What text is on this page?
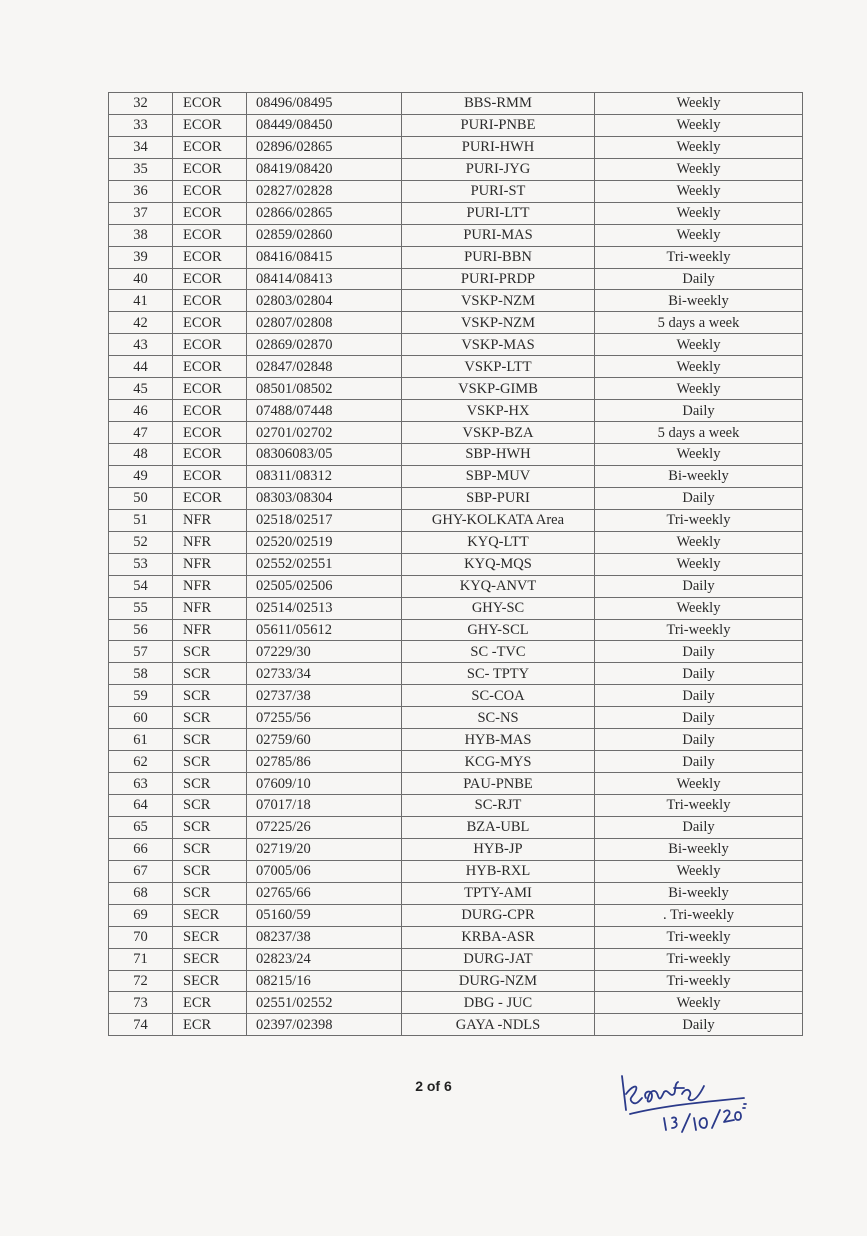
32	ECOR	08496/08495	BBS-RMM	Weekly
33	ECOR	08449/08450	PURI-PNBE	Weekly
34	ECOR	02896/02865	PURI-HWH	Weekly
35	ECOR	08419/08420	PURI-JYG	Weekly
36	ECOR	02827/02828	PURI-ST	Weekly
37	ECOR	02866/02865	PURI-LTT	Weekly
38	ECOR	02859/02860	PURI-MAS	Weekly
39	ECOR	08416/08415	PURI-BBN	Tri-weekly
40	ECOR	08414/08413	PURI-PRDP	Daily
41	ECOR	02803/02804	VSKP-NZM	Bi-weekly
42	ECOR	02807/02808	VSKP-NZM	5 days a week
43	ECOR	02869/02870	VSKP-MAS	Weekly
44	ECOR	02847/02848	VSKP-LTT	Weekly
45	ECOR	08501/08502	VSKP-GIMB	Weekly
46	ECOR	07488/07448	VSKP-HX	Daily
47	ECOR	02701/02702	VSKP-BZA	5 days a week
48	ECOR	08306083/05	SBP-HWH	Weekly
49	ECOR	08311/08312	SBP-MUV	Bi-weekly
50	ECOR	08303/08304	SBP-PURI	Daily
51	NFR	02518/02517	GHY-KOLKATA Area	Tri-weekly
52	NFR	02520/02519	KYQ-LTT	Weekly
53	NFR	02552/02551	KYQ-MQS	Weekly
54	NFR	02505/02506	KYQ-ANVT	Daily
55	NFR	02514/02513	GHY-SC	Weekly
56	NFR	05611/05612	GHY-SCL	Tri-weekly
57	SCR	07229/30	SC -TVC	Daily
58	SCR	02733/34	SC- TPTY	Daily
59	SCR	02737/38	SC-COA	Daily
60	SCR	07255/56	SC-NS	Daily
61	SCR	02759/60	HYB-MAS	Daily
62	SCR	02785/86	KCG-MYS	Daily
63	SCR	07609/10	PAU-PNBE	Weekly
64	SCR	07017/18	SC-RJT	Tri-weekly
65	SCR	07225/26	BZA-UBL	Daily
66	SCR	02719/20	HYB-JP	Bi-weekly
67	SCR	07005/06	HYB-RXL	Weekly
68	SCR	02765/66	TPTY-AMI	Bi-weekly
69	SECR	05160/59	DURG-CPR	. Tri-weekly
70	SECR	08237/38	KRBA-ASR	Tri-weekly
71	SECR	02823/24	DURG-JAT	Tri-weekly
72	SECR	08215/16	DURG-NZM	Tri-weekly
73	ECR	02551/02552	DBG - JUC	Weekly
74	ECR	02397/02398	GAYA -NDLS	Daily
2 of 6
